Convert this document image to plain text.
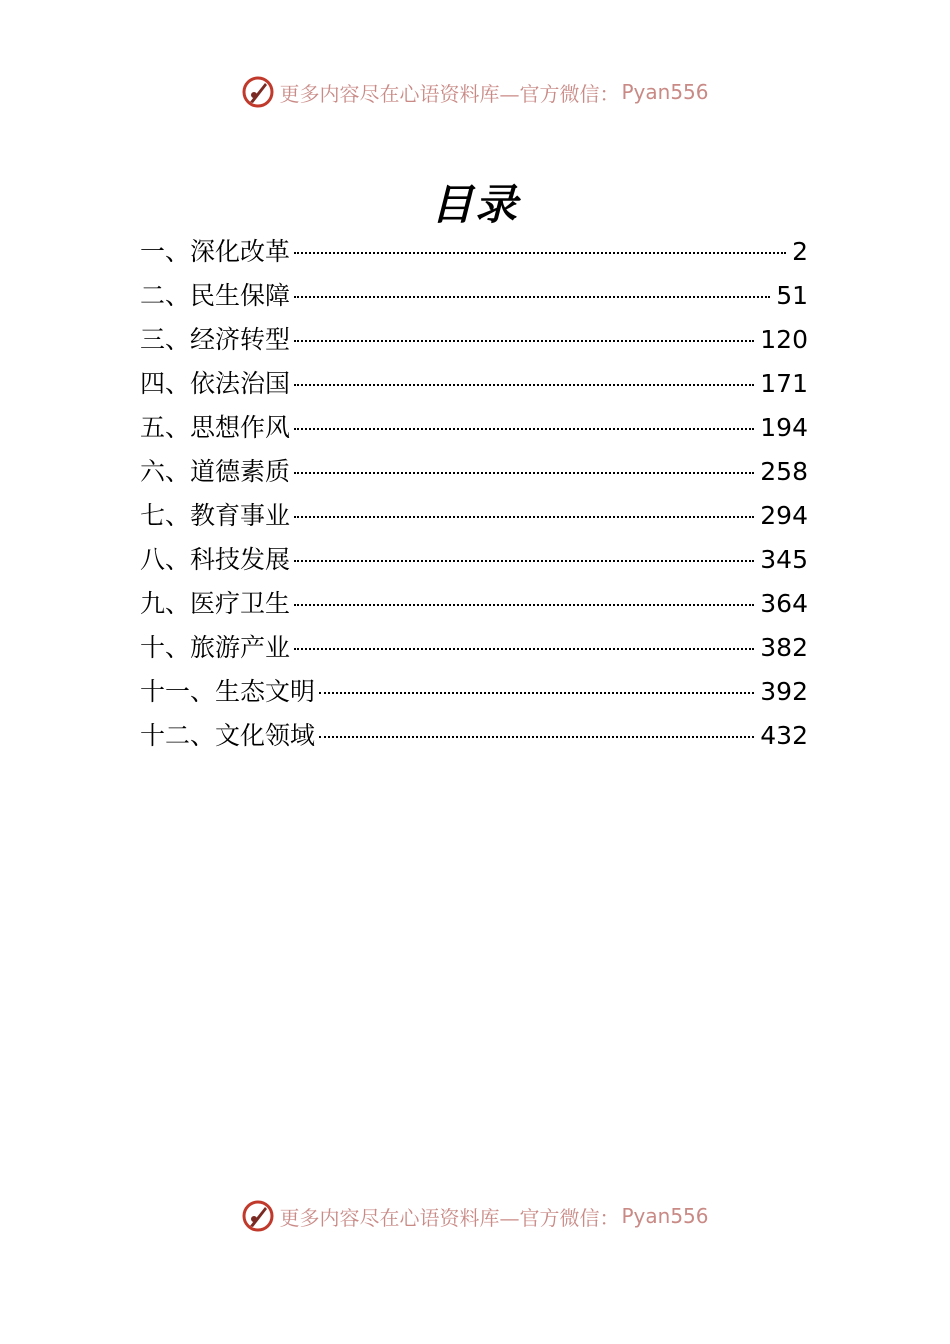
更多内容尽在心语资料库—官方微信： Pyan556
目录
一、深化改革	2
二、民生保障	51
三、经济转型	120
四、依法治国	171
五、思想作风	194
六、道德素质	258
七、教育事业	294
八、科技发展	345
九、医疗卫生	364
十、旅游产业	382
十一、生态文明	392
十二、文化领域	432
更多内容尽在心语资料库—官方微信： Pyan556
